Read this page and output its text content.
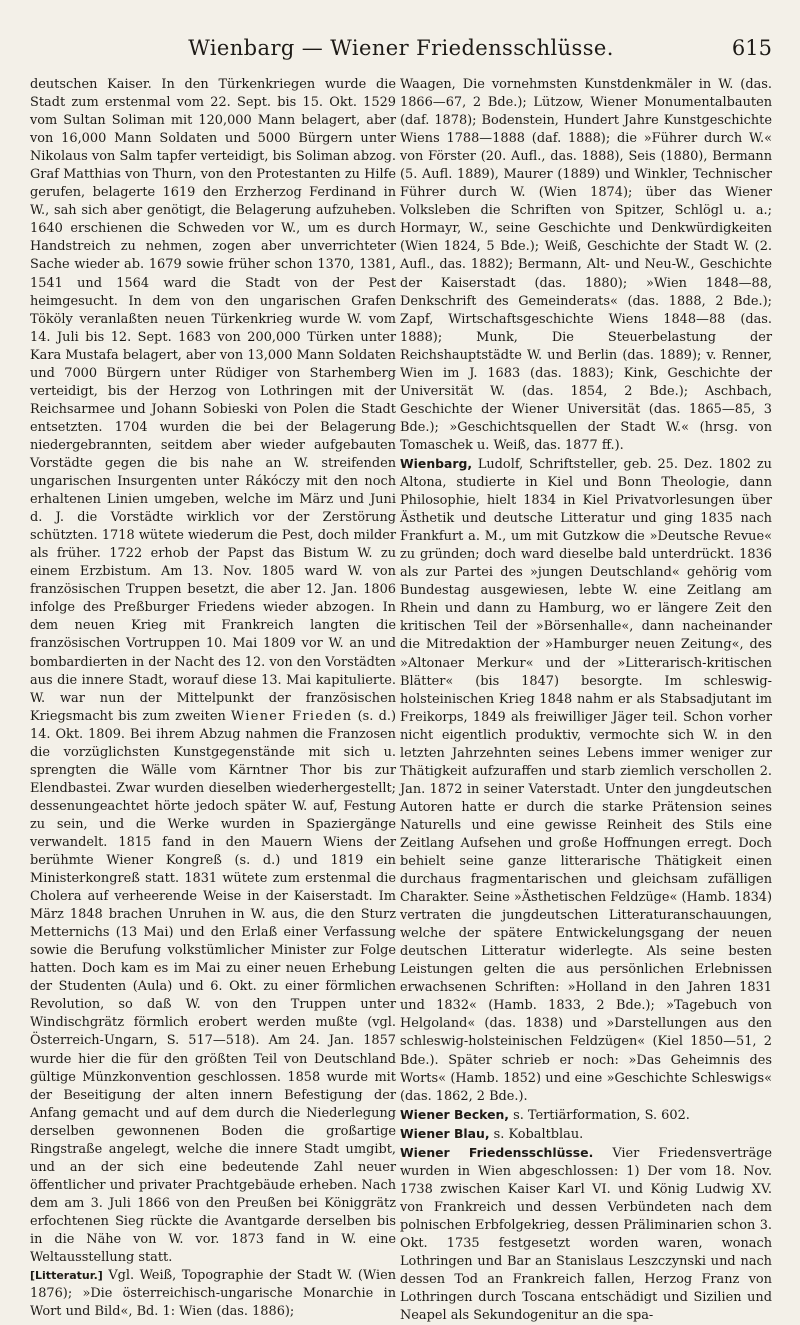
Wienbarg — Wiener Friedensschlüsse.	615

deutschen Kaiser. In den Türkenkriegen wurde die Stadt zum erstenmal vom 22. Sept. bis 15. Okt. 1529 vom Sultan Soliman mit 120,000 Mann belagert, aber von 16,000 Mann Soldaten und 5000 Bürgern unter Nikolaus von Salm tapfer verteidigt, bis Soliman abzog. Graf Matthias von Thurn, von den Protestanten zu Hilfe gerufen, belagerte 1619 den Erzherzog Ferdinand in W., sah sich aber genötigt, die Belagerung aufzuheben. 1640 erschienen die Schweden vor W., um es durch Handstreich zu nehmen, zogen aber unverrichteter Sache wieder ab. 1679 sowie früher schon 1370, 1381, 1541 und 1564 ward die Stadt von der Pest heimgesucht. In dem von den ungarischen Grafen Tököly veranlaßten neuen Türkenkrieg wurde W. vom 14. Juli bis 12. Sept. 1683 von 200,000 Türken unter Kara Mustafa belagert, aber von 13,000 Mann Soldaten und 7000 Bürgern unter Rüdiger von Starhemberg verteidigt, bis der Herzog von Lothringen mit der Reichsarmee und Johann Sobieski von Polen die Stadt entsetzten. 1704 wurden die bei der Belagerung niedergebrannten, seitdem aber wieder aufgebauten Vorstädte gegen die bis nahe an W. streifenden ungarischen Insurgenten unter Rákóczy mit den noch erhaltenen Linien umgeben, welche im März und Juni d. J. die Vorstädte wirklich vor der Zerstörung schützten. 1718 wütete wiederum die Pest, doch milder als früher. 1722 erhob der Papst das Bistum W. zu einem Erzbistum. Am 13. Nov. 1805 ward W. von französischen Truppen besetzt, die aber 12. Jan. 1806 infolge des Preßburger Friedens wieder abzogen. In dem neuen Krieg mit Frankreich langten die französischen Vortruppen 10. Mai 1809 vor W. an und bombardierten in der Nacht des 12. von den Vorstädten aus die innere Stadt, worauf diese 13. Mai kapitulierte. W. war nun der Mittelpunkt der französischen Kriegsmacht bis zum zweiten Wiener Frieden (s. d.) 14. Okt. 1809. Bei ihrem Abzug nahmen die Franzosen die vorzüglichsten Kunstgegenstände mit sich u. sprengten die Wälle vom Kärntner Thor bis zur Elendbastei. Zwar wurden dieselben wiederhergestellt; dessenungeachtet hörte jedoch später W. auf, Festung zu sein, und die Werke wurden in Spaziergänge verwandelt. 1815 fand in den Mauern Wiens der berühmte Wiener Kongreß (s. d.) und 1819 ein Ministerkongreß statt. 1831 wütete zum erstenmal die Cholera auf verheerende Weise in der Kaiserstadt. Im März 1848 brachen Unruhen in W. aus, die den Sturz Metternichs (13 Mai) und den Erlaß einer Verfassung sowie die Berufung volkstümlicher Minister zur Folge hatten. Doch kam es im Mai zu einer neuen Erhebung der Studenten (Aula) und 6. Okt. zu einer förmlichen Revolution, so daß W. von den Truppen unter Windischgrätz förmlich erobert werden mußte (vgl. Österreich-Ungarn, S. 517—518). Am 24. Jan. 1857 wurde hier die für den größten Teil von Deutschland gültige Münzkonvention geschlossen. 1858 wurde mit der Beseitigung der alten innern Befestigung der Anfang gemacht und auf dem durch die Niederlegung derselben gewonnenen Boden die großartige Ringstraße angelegt, welche die innere Stadt umgibt, und an der sich eine bedeutende Zahl neuer öffentlicher und privater Prachtgebäude erheben. Nach dem am 3. Juli 1866 von den Preußen bei Königgrätz erfochtenen Sieg rückte die Avantgarde derselben bis in die Nähe von W. vor. 1873 fand in W. eine Weltausstellung statt.

[Litteratur.] Vgl. Weiß, Topographie der Stadt W. (Wien 1876); »Die österreichisch-ungarische Monarchie in Wort und Bild«, Bd. 1: Wien (das. 1886);

Waagen, Die vornehmsten Kunstdenkmäler in W. (das. 1866—67, 2 Bde.); Lützow, Wiener Monumentalbauten (daf. 1878); Bodenstein, Hundert Jahre Kunstgeschichte Wiens 1788—1888 (daf. 1888); die »Führer durch W.« von Förster (20. Aufl., das. 1888), Seis (1880), Bermann (5. Aufl. 1889), Maurer (1889) und Winkler, Technischer Führer durch W. (Wien 1874); über das Wiener Volksleben die Schriften von Spitzer, Schlögl u. a.; Hormayr, W., seine Geschichte und Denkwürdigkeiten (Wien 1824, 5 Bde.); Weiß, Geschichte der Stadt W. (2. Aufl., das. 1882); Bermann, Alt- und Neu-W., Geschichte der Kaiserstadt (das. 1880); »Wien 1848—88, Denkschrift des Gemeinderats« (das. 1888, 2 Bde.); Zapf, Wirtschaftsgeschichte Wiens 1848—88 (das. 1888); Munk, Die Steuerbelastung der Reichshauptstädte W. und Berlin (das. 1889); v. Renner, Wien im J. 1683 (das. 1883); Kink, Geschichte der Universität W. (das. 1854, 2 Bde.); Aschbach, Geschichte der Wiener Universität (das. 1865—85, 3 Bde.); »Geschichtsquellen der Stadt W.« (hrsg. von Tomaschek u. Weiß, das. 1877 ff.).

Wienbarg, Ludolf, Schriftsteller, geb. 25. Dez. 1802 zu Altona, studierte in Kiel und Bonn Theologie, dann Philosophie, hielt 1834 in Kiel Privatvorlesungen über Ästhetik und deutsche Litteratur und ging 1835 nach Frankfurt a. M., um mit Gutzkow die »Deutsche Revue« zu gründen; doch ward dieselbe bald unterdrückt. 1836 als zur Partei des »jungen Deutschland« gehörig vom Bundestag ausgewiesen, lebte W. eine Zeitlang am Rhein und dann zu Hamburg, wo er längere Zeit den kritischen Teil der »Börsenhalle«, dann nacheinander die Mitredaktion der »Hamburger neuen Zeitung«, des »Altonaer Merkur« und der »Litterarisch-kritischen Blätter« (bis 1847) besorgte. Im schleswig-holsteinischen Krieg 1848 nahm er als Stabsadjutant im Freikorps, 1849 als freiwilliger Jäger teil. Schon vorher nicht eigentlich produktiv, vermochte sich W. in den letzten Jahrzehnten seines Lebens immer weniger zur Thätigkeit aufzuraffen und starb ziemlich verschollen 2. Jan. 1872 in seiner Vaterstadt. Unter den jungdeutschen Autoren hatte er durch die starke Prätension seines Naturells und eine gewisse Reinheit des Stils eine Zeitlang Aufsehen und große Hoffnungen erregt. Doch behielt seine ganze litterarische Thätigkeit einen durchaus fragmentarischen und gleichsam zufälligen Charakter. Seine »Ästhetischen Feldzüge« (Hamb. 1834) vertraten die jungdeutschen Litteraturanschauungen, welche der spätere Entwickelungsgang der neuen deutschen Litteratur widerlegte. Als seine besten Leistungen gelten die aus persönlichen Erlebnissen erwachsenen Schriften: »Holland in den Jahren 1831 und 1832« (Hamb. 1833, 2 Bde.); »Tagebuch von Helgoland« (das. 1838) und »Darstellungen aus den schleswig-holsteinischen Feldzügen« (Kiel 1850—51, 2 Bde.). Später schrieb er noch: »Das Geheimnis des Worts« (Hamb. 1852) und eine »Geschichte Schleswigs« (das. 1862, 2 Bde.).

Wiener Becken, s. Tertiärformation, S. 602.

Wiener Blau, s. Kobaltblau.

Wiener Friedensschlüsse. Vier Friedensverträge wurden in Wien abgeschlossen: 1) Der vom 18. Nov. 1738 zwischen Kaiser Karl VI. und König Ludwig XV. von Frankreich und dessen Verbündeten nach dem polnischen Erbfolgekrieg, dessen Präliminarien schon 3. Okt. 1735 festgesetzt worden waren, wonach Lothringen und Bar an Stanislaus Leszczynski und nach dessen Tod an Frankreich fallen, Herzog Franz von Lothringen durch Toscana entschädigt und Sizilien und Neapel als Sekundogenitur an die spa-
